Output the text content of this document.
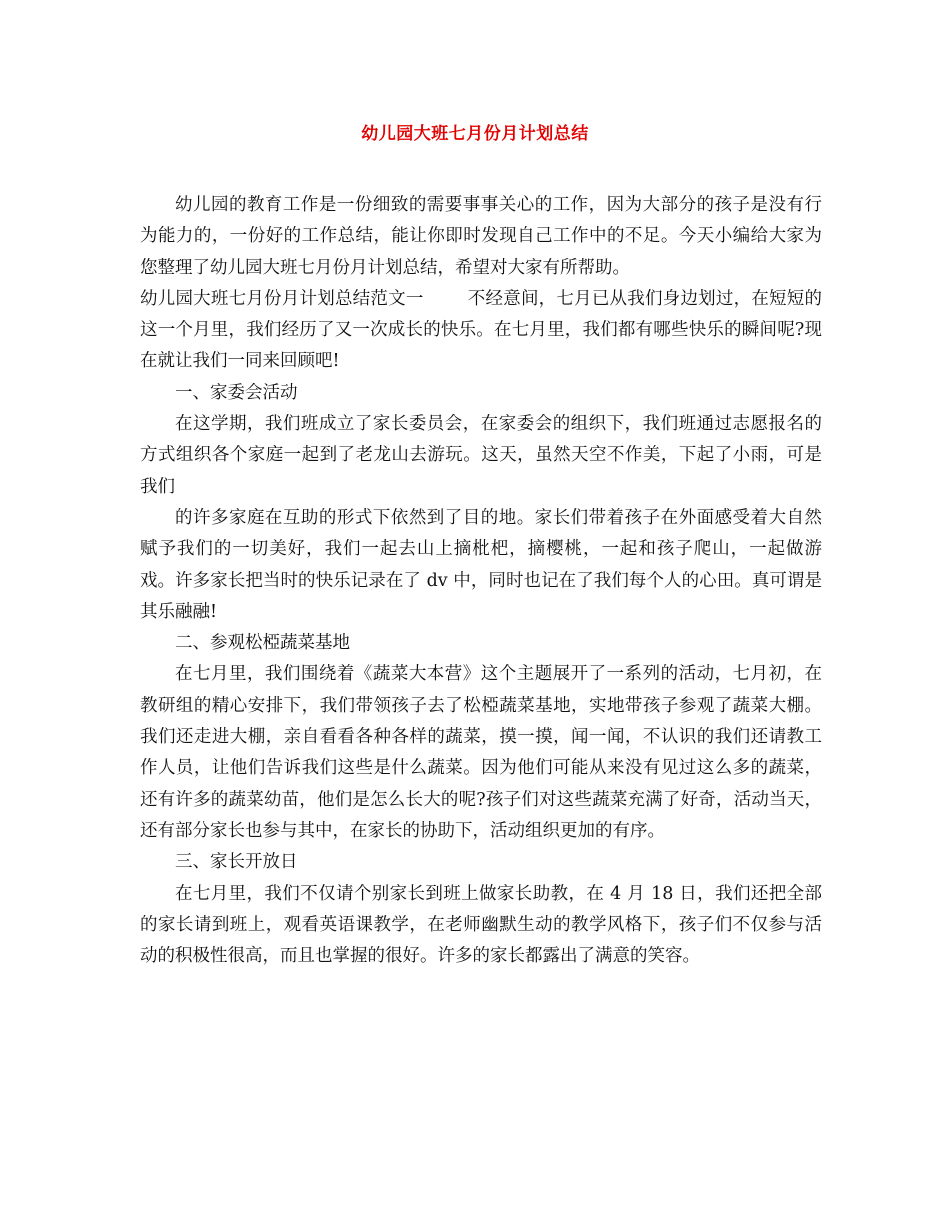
幼儿园大班七月份月计划总结

幼儿园的教育工作是一份细致的需要事事关心的工作，因为大部分的孩子是没有行为能力的，一份好的工作总结，能让你即时发现自己工作中的不足。今天小编给大家为您整理了幼儿园大班七月份月计划总结，希望对大家有所帮助。

幼儿园大班七月份月计划总结范文一	不经意间，七月已从我们身边划过，在短短的这一个月里，我们经历了又一次成长的快乐。在七月里，我们都有哪些快乐的瞬间呢?现在就让我们一同来回顾吧!

一、家委会活动

在这学期，我们班成立了家长委员会，在家委会的组织下，我们班通过志愿报名的方式组织各个家庭一起到了老龙山去游玩。这天，虽然天空不作美，下起了小雨，可是我们

的许多家庭在互助的形式下依然到了目的地。家长们带着孩子在外面感受着大自然赋予我们的一切美好，我们一起去山上摘枇杷，摘樱桃，一起和孩子爬山，一起做游戏。许多家长把当时的快乐记录在了 dv 中，同时也记在了我们每个人的心田。真可谓是其乐融融!

二、参观松椏蔬菜基地

在七月里，我们围绕着《蔬菜大本营》这个主题展开了一系列的活动，七月初，在教研组的精心安排下，我们带领孩子去了松椏蔬菜基地，实地带孩子参观了蔬菜大棚。我们还走进大棚，亲自看看各种各样的蔬菜，摸一摸，闻一闻，不认识的我们还请教工作人员，让他们告诉我们这些是什么蔬菜。因为他们可能从来没有见过这么多的蔬菜，还有许多的蔬菜幼苗，他们是怎么长大的呢?孩子们对这些蔬菜充满了好奇，活动当天，还有部分家长也参与其中，在家长的协助下，活动组织更加的有序。

三、家长开放日

在七月里，我们不仅请个别家长到班上做家长助教，在 4 月 18 日，我们还把全部的家长请到班上，观看英语课教学，在老师幽默生动的教学风格下，孩子们不仅参与活动的积极性很高，而且也掌握的很好。许多的家长都露出了满意的笑容。
